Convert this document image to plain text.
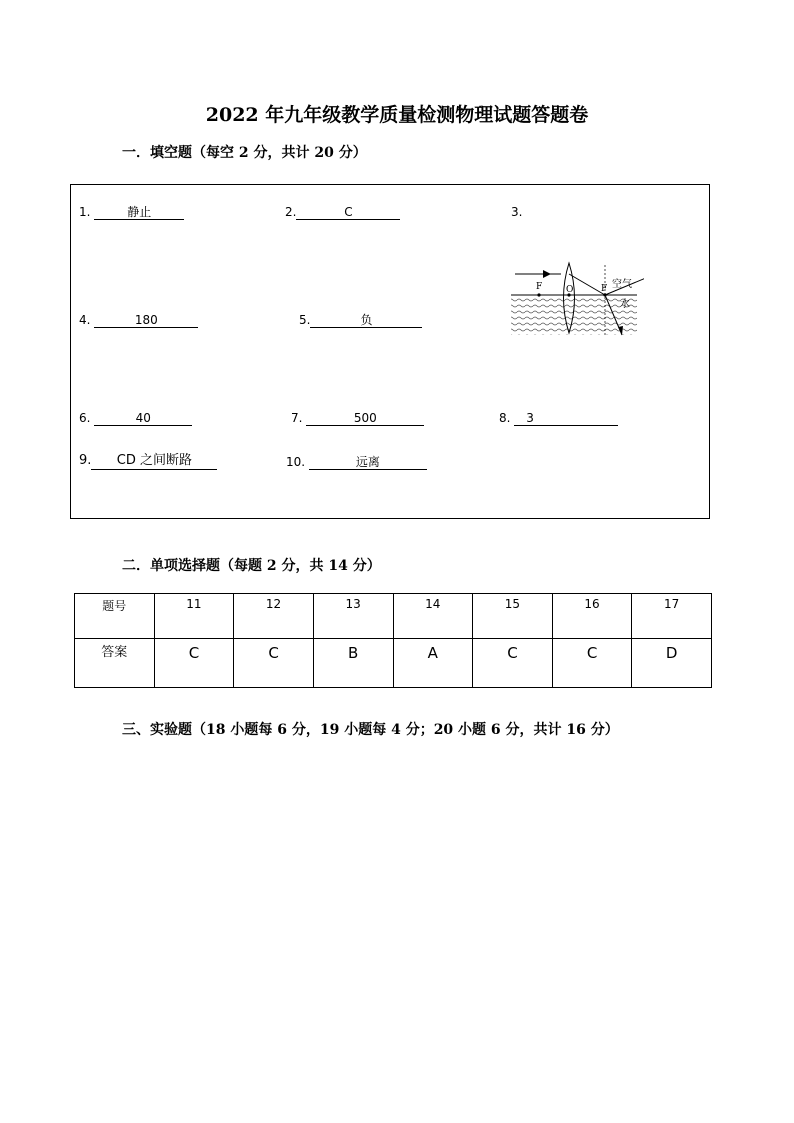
2022 年九年级教学质量检测物理试题答题卷
一．填空题（每空 2 分，共计 20 分）
1.	静止	2.	C	3.
F	O	F 空气
水
4.	180	5.	负
6.	40	7.	500	8. 3
9. CD 之间断路	10.	远离
二．单项选择题（每题 2 分，共 14 分）
题号	11	12	13	14	15	16	17
答案	C	C	B	A	C	C	D
三、实验题（18 小题每 6 分，19 小题每 4 分；20 小题 6 分，共计 16 分）
